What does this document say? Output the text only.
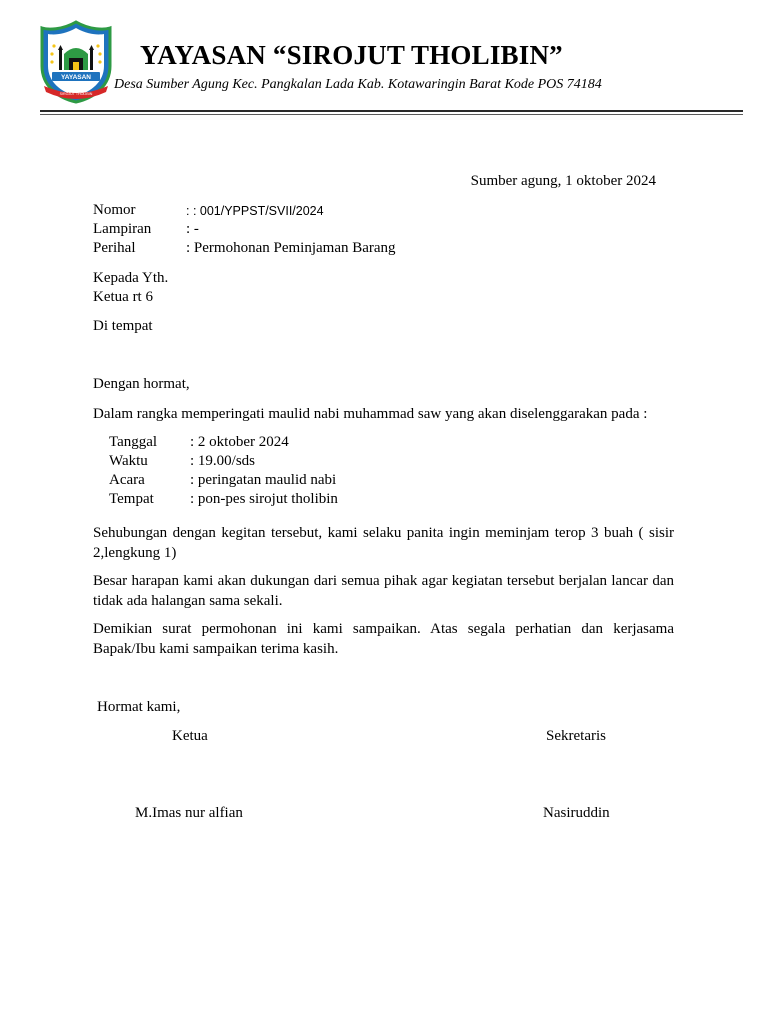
YAYASAN
SIROJUT THOLIBIN
YAYASAN “SIROJUT THOLIBIN”
Desa Sumber Agung Kec. Pangkalan Lada Kab. Kotawaringin Barat Kode POS 74184
Sumber agung, 1 oktober 2024
Nomor	: : 001/YPPST/SVII/2024
Lampiran : -
Perihal	: Permohonan Peminjaman Barang
Kepada Yth.
Ketua rt 6
Di tempat
Dengan hormat,
Dalam rangka memperingati maulid nabi muhammad saw yang akan diselenggarakan pada :
Tanggal : 2 oktober 2024
Waktu	: 19.00/sds
Acara	: peringatan maulid nabi
Tempat : pon-pes sirojut tholibin
Sehubungan dengan kegitan tersebut, kami selaku panita ingin meminjam terop 3 buah ( sisir 2,lengkung 1)
Besar harapan kami akan dukungan dari semua pihak agar kegiatan tersebut berjalan lancar dan tidak ada halangan sama sekali.
Demikian surat permohonan ini kami sampaikan. Atas segala perhatian dan kerjasama Bapak/Ibu kami sampaikan terima kasih.
Hormat kami,
Ketua	Sekretaris
M.Imas nur alfian	Nasiruddin
